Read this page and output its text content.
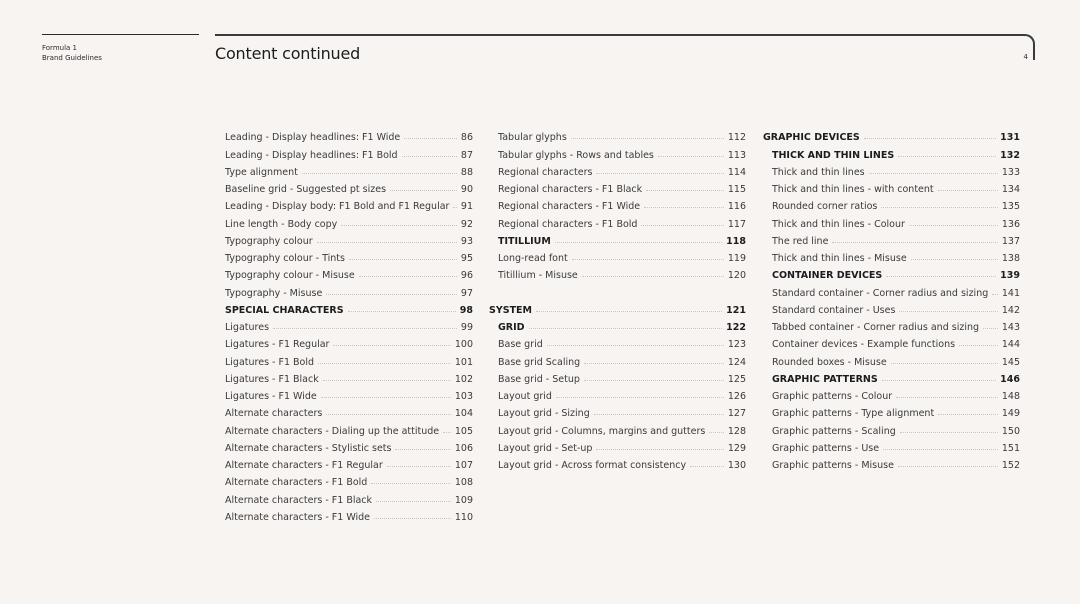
Formula 1
Brand Guidelines	Content continued	4
Leading - Display headlines: F1 Wide	86
Leading - Display headlines: F1 Bold	87
Type alignment	88
Baseline grid - Suggested pt sizes	90
Leading - Display body: F1 Bold and F1 Regular 91
Line length - Body copy	92
Typography colour	93
Typography colour - Tints	95
Typography colour - Misuse	96
Typography - Misuse	97
SPECIAL CHARACTERS	98
Ligatures	99
Ligatures - F1 Regular	100
Ligatures - F1 Bold	101
Ligatures - F1 Black	102
Ligatures - F1 Wide	103
Alternate characters	104
Alternate characters - Dialing up the attitude 105
Alternate characters - Stylistic sets	106
Alternate characters - F1 Regular	107
Alternate characters - F1 Bold	108
Alternate characters - F1 Black	109
Alternate characters - F1 Wide	110
Tabular glyphs	112
Tabular glyphs - Rows and tables	113
Regional characters	114
Regional characters - F1 Black	115
Regional characters - F1 Wide	116
Regional characters - F1 Bold	117
TITILLIUM	118
Long-read font	119
Titillium - Misuse	120
SYSTEM	121
GRID	122
Base grid	123
Base grid Scaling	124
Base grid - Setup	125
Layout grid	126
Layout grid - Sizing	127
Layout grid - Columns, margins and gutters 128
Layout grid - Set-up	129
Layout grid - Across format consistency	130
GRAPHIC DEVICES	131
THICK AND THIN LINES	132
Thick and thin lines	133
Thick and thin lines - with content	134
Rounded corner ratios	135
Thick and thin lines - Colour	136
The red line	137
Thick and thin lines - Misuse	138
CONTAINER DEVICES	139
Standard container - Corner radius and sizing 141
Standard container - Uses	142
Tabbed container - Corner radius and sizing 143
Container devices - Example functions	144
Rounded boxes - Misuse	145
GRAPHIC PATTERNS	146
Graphic patterns - Colour	148
Graphic patterns - Type alignment	149
Graphic patterns - Scaling	150
Graphic patterns - Use	151
Graphic patterns - Misuse	152
